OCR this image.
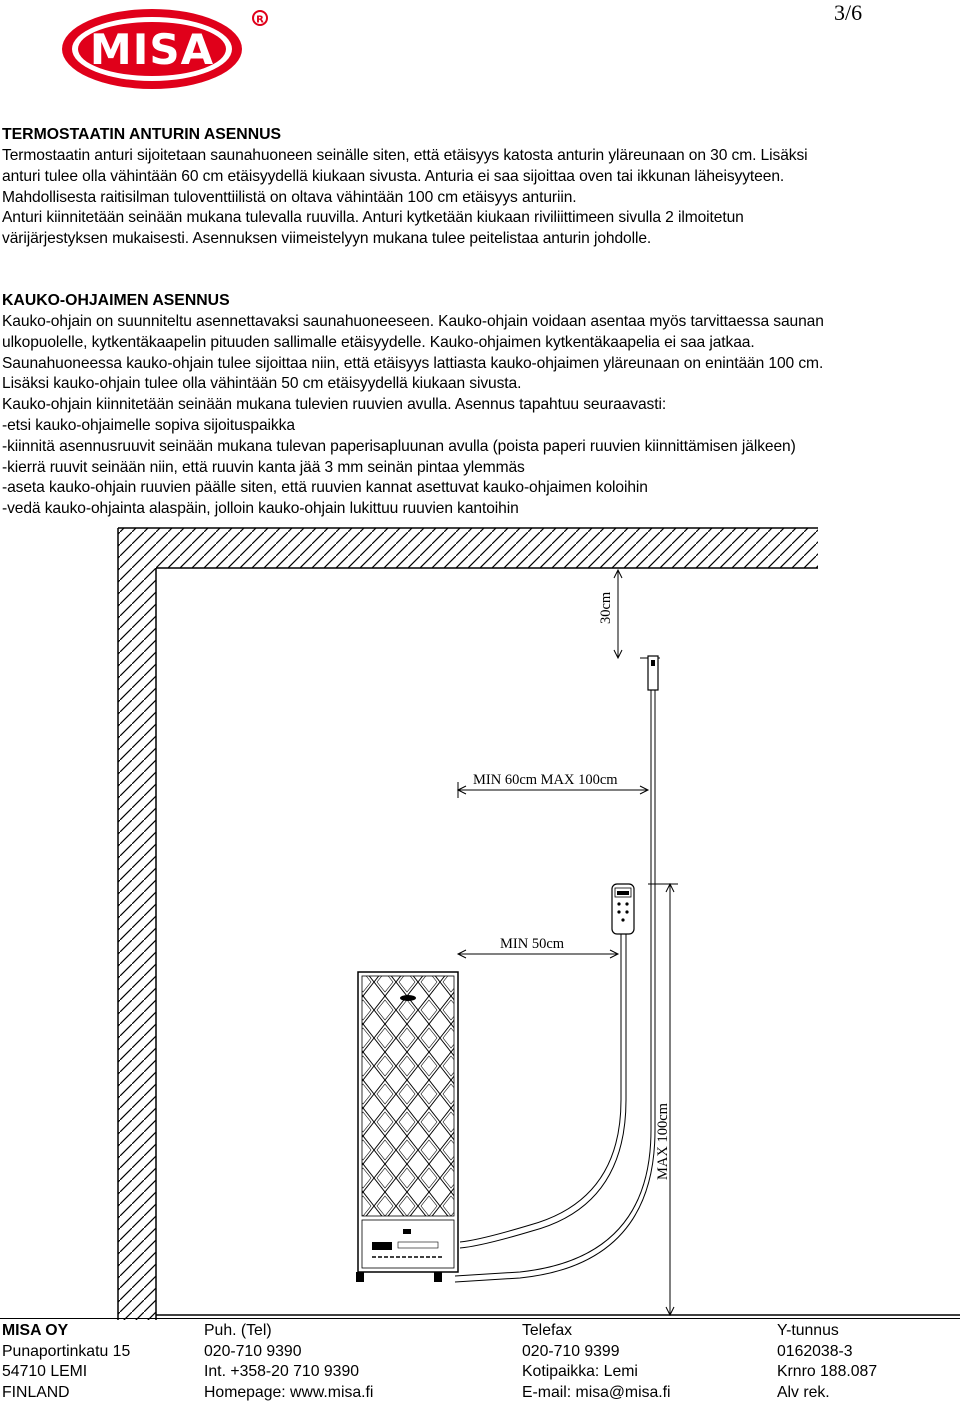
3/6
MISA
R
TERMOSTAATIN ANTURIN ASENNUS
Termostaatin anturi sijoitetaan saunahuoneen seinälle siten, että etäisyys katosta anturin yläreunaan on 30 cm. Lisäksi
anturi tulee olla vähintään 60 cm etäisyydellä kiukaan sivusta. Anturia ei saa sijoittaa oven tai ikkunan läheisyyteen.
Mahdollisesta raitisilman tuloventtiilistä on oltava vähintään 100 cm etäisyys anturiin.
Anturi kiinnitetään seinään mukana tulevalla ruuvilla. Anturi kytketään kiukaan riviliittimeen sivulla 2 ilmoitetun
värijärjestyksen mukaisesti. Asennuksen viimeistelyyn mukana tulee peitelistaa anturin johdolle.
KAUKO-OHJAIMEN ASENNUS
Kauko-ohjain on suunniteltu asennettavaksi saunahuoneeseen. Kauko-ohjain voidaan asentaa myös tarvittaessa saunan
ulkopuolelle, kytkentäkaapelin pituuden sallimalle etäisyydelle. Kauko-ohjaimen kytkentäkaapelia ei saa jatkaa.
Saunahuoneessa kauko-ohjain tulee sijoittaa niin, että etäisyys lattiasta kauko-ohjaimen yläreunaan on enintään 100 cm.
Lisäksi kauko-ohjain tulee olla vähintään 50 cm etäisyydellä kiukaan sivusta.
Kauko-ohjain kiinnitetään seinään mukana tulevien ruuvien avulla. Asennus tapahtuu seuraavasti:
-etsi kauko-ohjaimelle sopiva sijoituspaikka
-kiinnitä asennusruuvit seinään mukana tulevan paperisapluunan avulla (poista paperi ruuvien kiinnittämisen jälkeen)
-kierrä ruuvit seinään niin, että ruuvin kanta jää 3 mm seinän pintaa ylemmäs
-aseta kauko-ohjain ruuvien päälle siten, että ruuvien kannat asettuvat kauko-ohjaimen koloihin
-vedä kauko-ohjainta alaspäin, jolloin kauko-ohjain lukittuu ruuvien kantoihin
30cm
MIN 60cm MAX 100cm
MIN 50cm
MAX 100cm
MISA OY
Punaportinkatu 15
54710 LEMI
FINLAND
Puh. (Tel)
020-710 9390
Int. +358-20 710 9390
Homepage: www.misa.fi
Telefax
020-710 9399
Kotipaikka: Lemi
E-mail: misa@misa.fi
Y-tunnus
0162038-3
Krnro 188.087
Alv rek.
